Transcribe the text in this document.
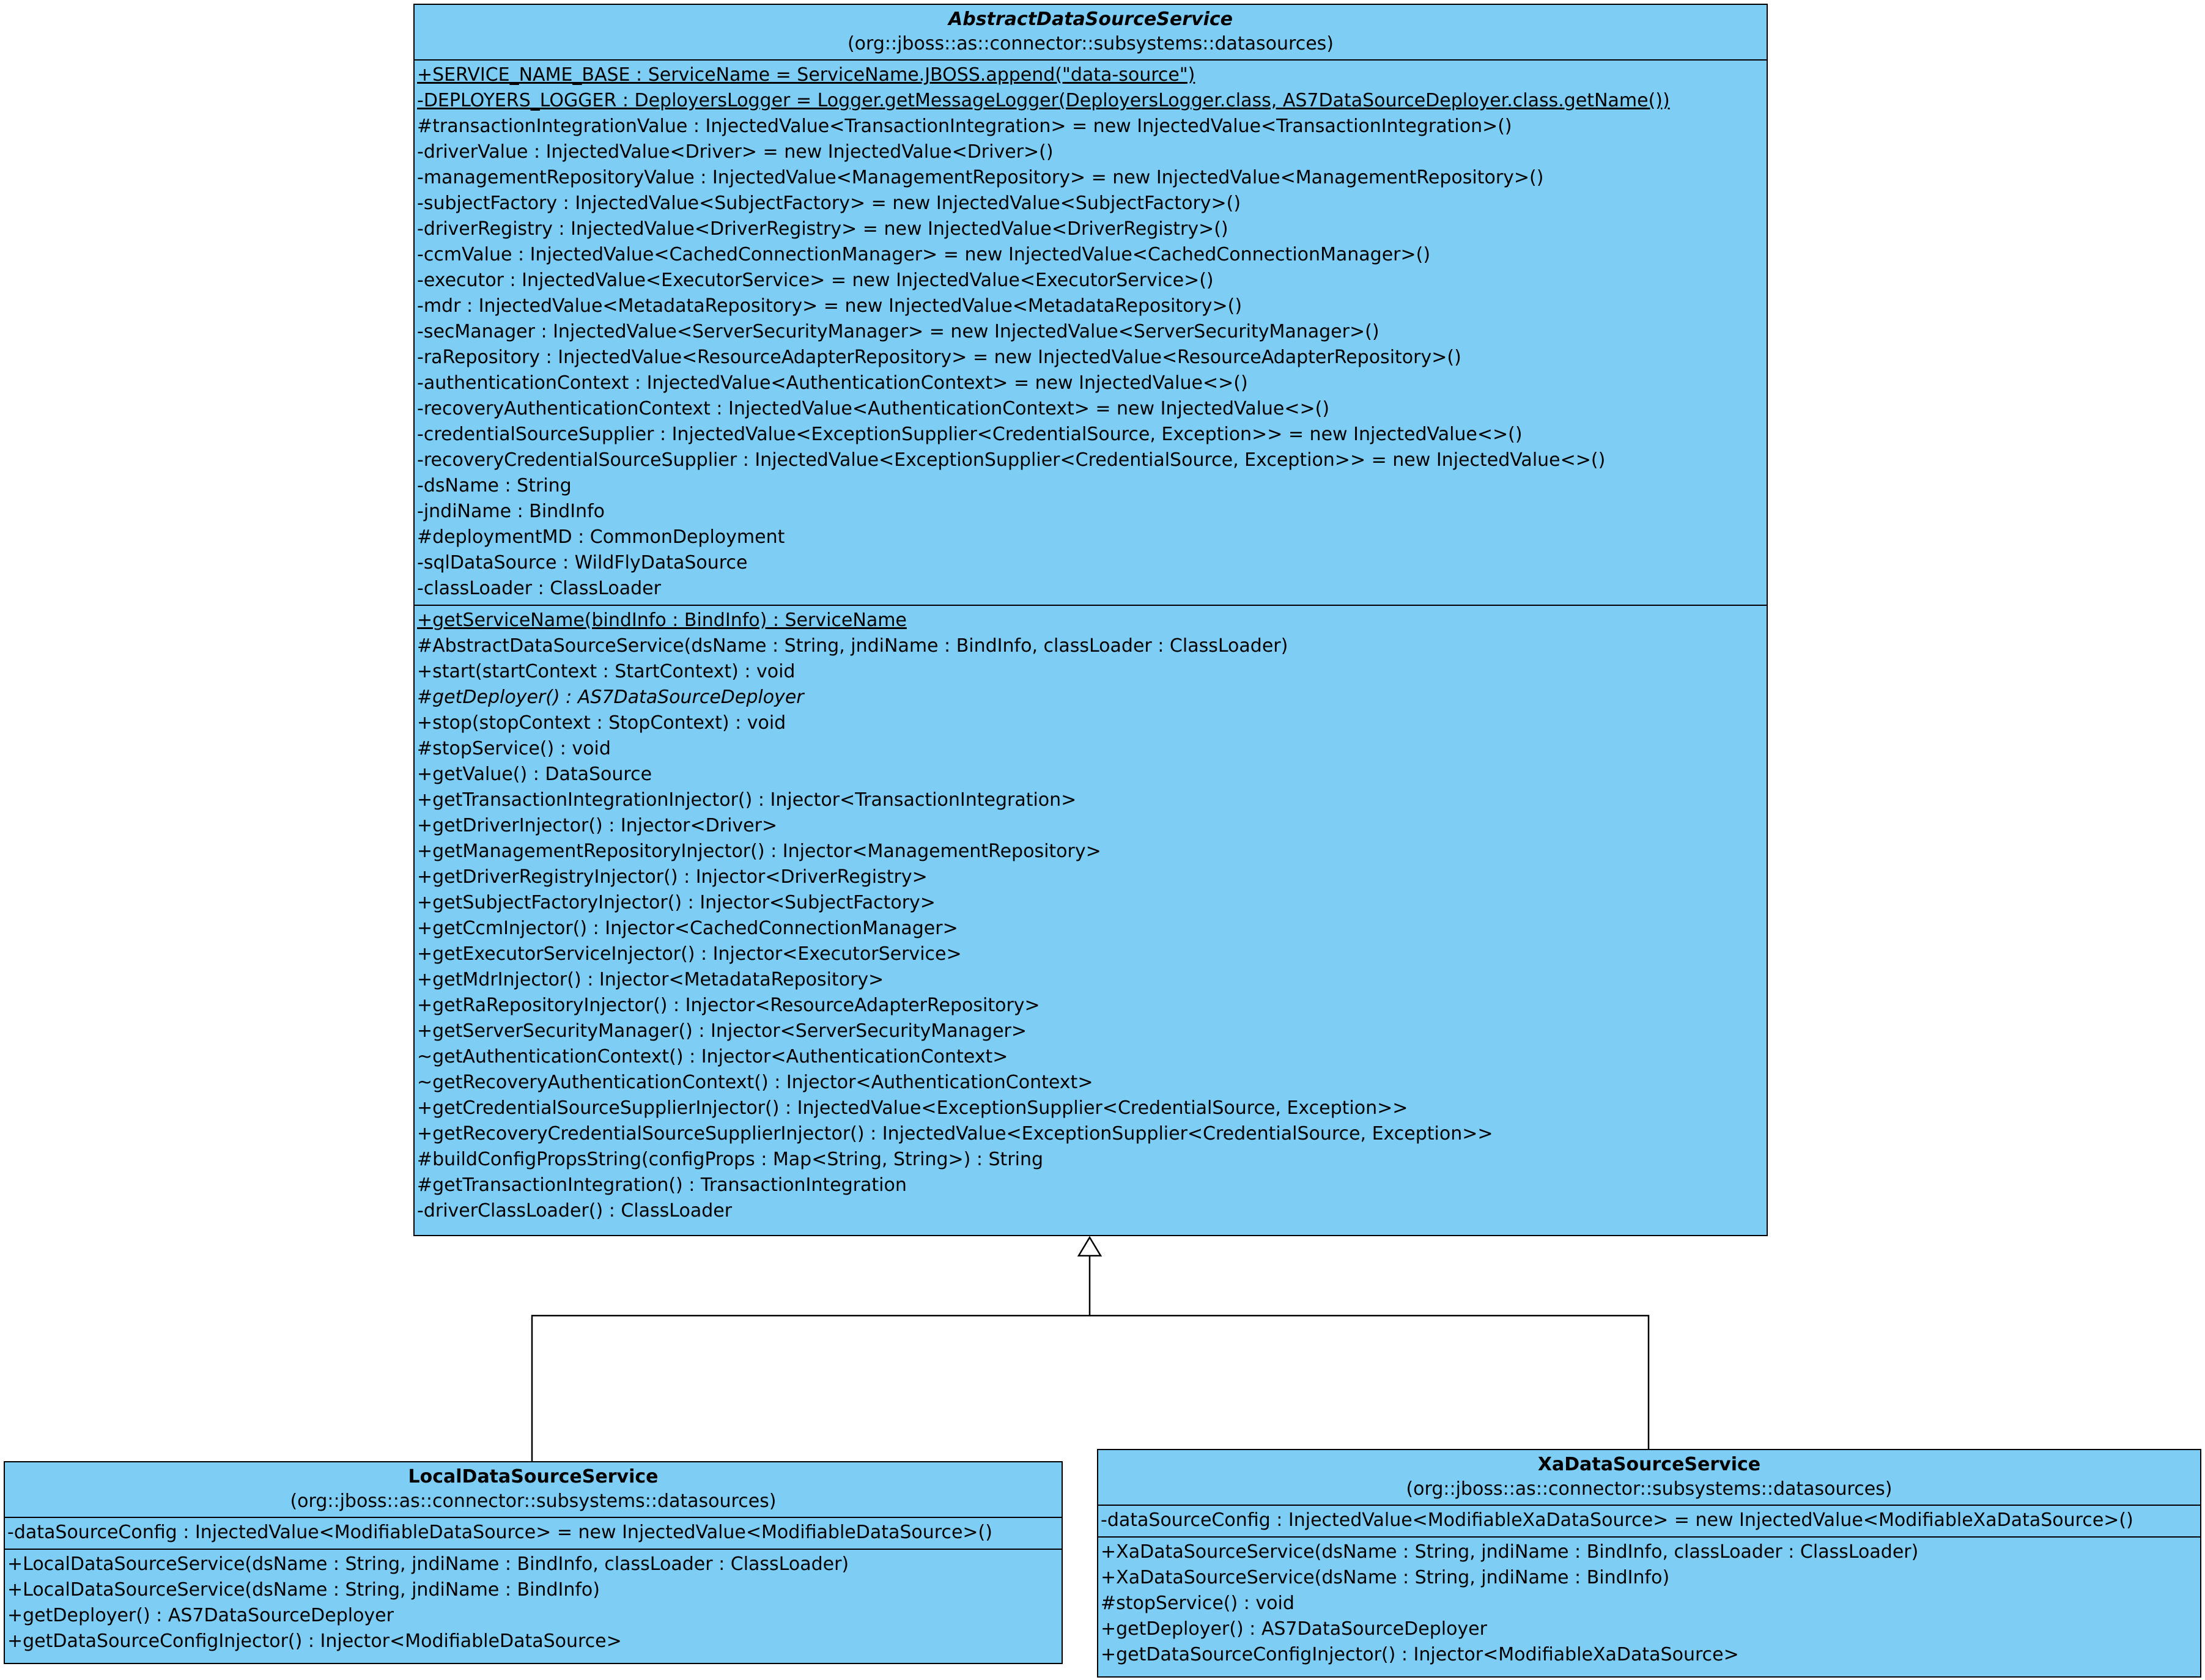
AbstractDataSourceService
(org::jboss::as::connector::subsystems::datasources)
+SERVICE_NAME_BASE : ServiceName = ServiceName.JBOSS.append("data-source")
-DEPLOYERS_LOGGER : DeployersLogger = Logger.getMessageLogger(DeployersLogger.class, AS7DataSourceDeployer.class.getName())
#transactionIntegrationValue : InjectedValue<TransactionIntegration> = new InjectedValue<TransactionIntegration>()
-driverValue : InjectedValue<Driver> = new InjectedValue<Driver>()
-managementRepositoryValue : InjectedValue<ManagementRepository> = new InjectedValue<ManagementRepository>()
-subjectFactory : InjectedValue<SubjectFactory> = new InjectedValue<SubjectFactory>()
-driverRegistry : InjectedValue<DriverRegistry> = new InjectedValue<DriverRegistry>()
-ccmValue : InjectedValue<CachedConnectionManager> = new InjectedValue<CachedConnectionManager>()
-executor : InjectedValue<ExecutorService> = new InjectedValue<ExecutorService>()
-mdr : InjectedValue<MetadataRepository> = new InjectedValue<MetadataRepository>()
-secManager : InjectedValue<ServerSecurityManager> = new InjectedValue<ServerSecurityManager>()
-raRepository : InjectedValue<ResourceAdapterRepository> = new InjectedValue<ResourceAdapterRepository>()
-authenticationContext : InjectedValue<AuthenticationContext> = new InjectedValue<>()
-recoveryAuthenticationContext : InjectedValue<AuthenticationContext> = new InjectedValue<>()
-credentialSourceSupplier : InjectedValue<ExceptionSupplier<CredentialSource, Exception>> = new InjectedValue<>()
-recoveryCredentialSourceSupplier : InjectedValue<ExceptionSupplier<CredentialSource, Exception>> = new InjectedValue<>()
-dsName : String
-jndiName : BindInfo
#deploymentMD : CommonDeployment
-sqlDataSource : WildFlyDataSource
-classLoader : ClassLoader
+getServiceName(bindInfo : BindInfo) : ServiceName
#AbstractDataSourceService(dsName : String, jndiName : BindInfo, classLoader : ClassLoader)
+start(startContext : StartContext) : void
#getDeployer() : AS7DataSourceDeployer
+stop(stopContext : StopContext) : void
#stopService() : void
+getValue() : DataSource
+getTransactionIntegrationInjector() : Injector<TransactionIntegration>
+getDriverInjector() : Injector<Driver>
+getManagementRepositoryInjector() : Injector<ManagementRepository>
+getDriverRegistryInjector() : Injector<DriverRegistry>
+getSubjectFactoryInjector() : Injector<SubjectFactory>
+getCcmInjector() : Injector<CachedConnectionManager>
+getExecutorServiceInjector() : Injector<ExecutorService>
+getMdrInjector() : Injector<MetadataRepository>
+getRaRepositoryInjector() : Injector<ResourceAdapterRepository>
+getServerSecurityManager() : Injector<ServerSecurityManager>
~getAuthenticationContext() : Injector<AuthenticationContext>
~getRecoveryAuthenticationContext() : Injector<AuthenticationContext>
+getCredentialSourceSupplierInjector() : InjectedValue<ExceptionSupplier<CredentialSource, Exception>>
+getRecoveryCredentialSourceSupplierInjector() : InjectedValue<ExceptionSupplier<CredentialSource, Exception>>
#buildConfigPropsString(configProps : Map<String, String>) : String
#getTransactionIntegration() : TransactionIntegration
-driverClassLoader() : ClassLoader
LocalDataSourceService
(org::jboss::as::connector::subsystems::datasources)
-dataSourceConfig : InjectedValue<ModifiableDataSource> = new InjectedValue<ModifiableDataSource>()
+LocalDataSourceService(dsName : String, jndiName : BindInfo, classLoader : ClassLoader)
+LocalDataSourceService(dsName : String, jndiName : BindInfo)
+getDeployer() : AS7DataSourceDeployer
+getDataSourceConfigInjector() : Injector<ModifiableDataSource>
XaDataSourceService
(org::jboss::as::connector::subsystems::datasources)
-dataSourceConfig : InjectedValue<ModifiableXaDataSource> = new InjectedValue<ModifiableXaDataSource>()
+XaDataSourceService(dsName : String, jndiName : BindInfo, classLoader : ClassLoader)
+XaDataSourceService(dsName : String, jndiName : BindInfo)
#stopService() : void
+getDeployer() : AS7DataSourceDeployer
+getDataSourceConfigInjector() : Injector<ModifiableXaDataSource>
